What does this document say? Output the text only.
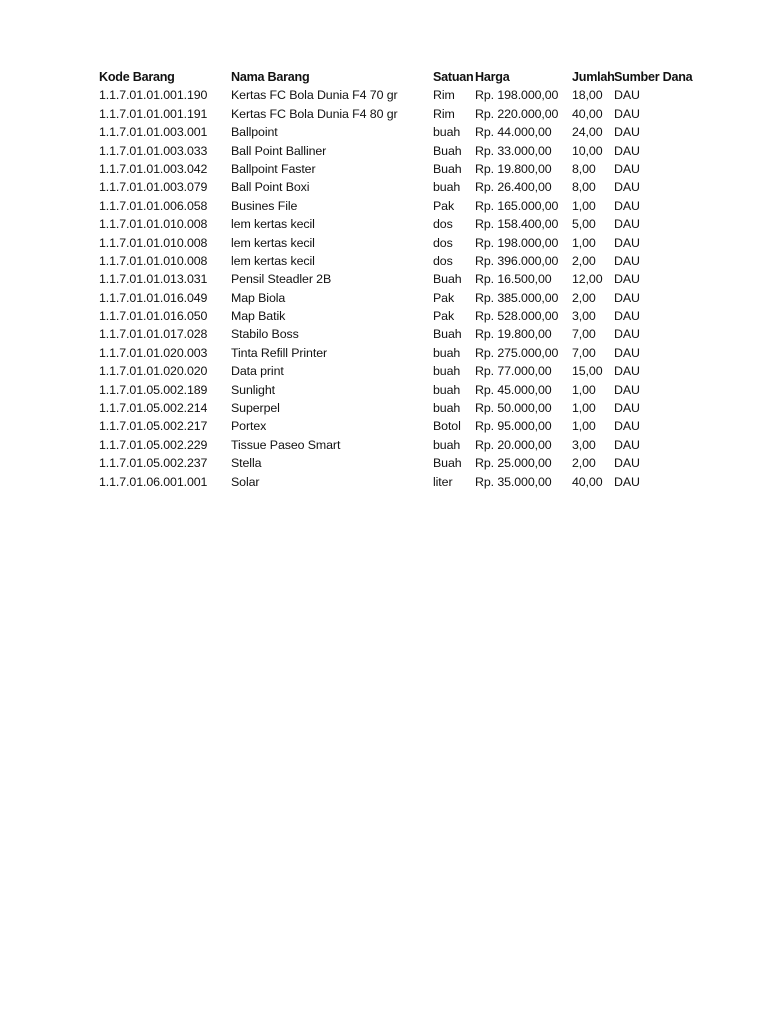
Kode Barang	Nama Barang	Satuan Harga	Jumlah Sumber Dana
1.1.7.01.01.001.190 Kertas FC Bola Dunia F4 70 gr	Rim Rp. 198.000,00 18,00 DAU
1.1.7.01.01.001.191 Kertas FC Bola Dunia F4 80 gr	Rim Rp. 220.000,00 40,00 DAU
1.1.7.01.01.003.001 Ballpoint	buah Rp. 44.000,00 24,00 DAU
1.1.7.01.01.003.033 Ball Point Balliner	Buah Rp. 33.000,00 10,00 DAU
1.1.7.01.01.003.042 Ballpoint Faster	Buah Rp. 19.800,00 8,00 DAU
1.1.7.01.01.003.079 Ball Point Boxi	buah Rp. 26.400,00 8,00 DAU
1.1.7.01.01.006.058 Busines File	Pak Rp. 165.000,00 1,00 DAU
1.1.7.01.01.010.008 lem kertas kecil	dos Rp. 158.400,00 5,00 DAU
1.1.7.01.01.010.008 lem kertas kecil	dos Rp. 198.000,00 1,00 DAU
1.1.7.01.01.010.008 lem kertas kecil	dos Rp. 396.000,00 2,00 DAU
1.1.7.01.01.013.031 Pensil Steadler 2B	Buah Rp. 16.500,00 12,00 DAU
1.1.7.01.01.016.049 Map Biola	Pak Rp. 385.000,00 2,00 DAU
1.1.7.01.01.016.050 Map Batik	Pak Rp. 528.000,00 3,00 DAU
1.1.7.01.01.017.028 Stabilo Boss	Buah Rp. 19.800,00 7,00 DAU
1.1.7.01.01.020.003 Tinta Refill Printer	buah Rp. 275.000,00 7,00 DAU
1.1.7.01.01.020.020 Data print	buah Rp. 77.000,00 15,00 DAU
1.1.7.01.05.002.189 Sunlight	buah Rp. 45.000,00 1,00 DAU
1.1.7.01.05.002.214 Superpel	buah Rp. 50.000,00 1,00 DAU
1.1.7.01.05.002.217 Portex	Botol Rp. 95.000,00 1,00 DAU
1.1.7.01.05.002.229 Tissue Paseo Smart	buah Rp. 20.000,00 3,00 DAU
1.1.7.01.05.002.237 Stella	Buah Rp. 25.000,00 2,00 DAU
1.1.7.01.06.001.001 Solar	liter Rp. 35.000,00 40,00 DAU
